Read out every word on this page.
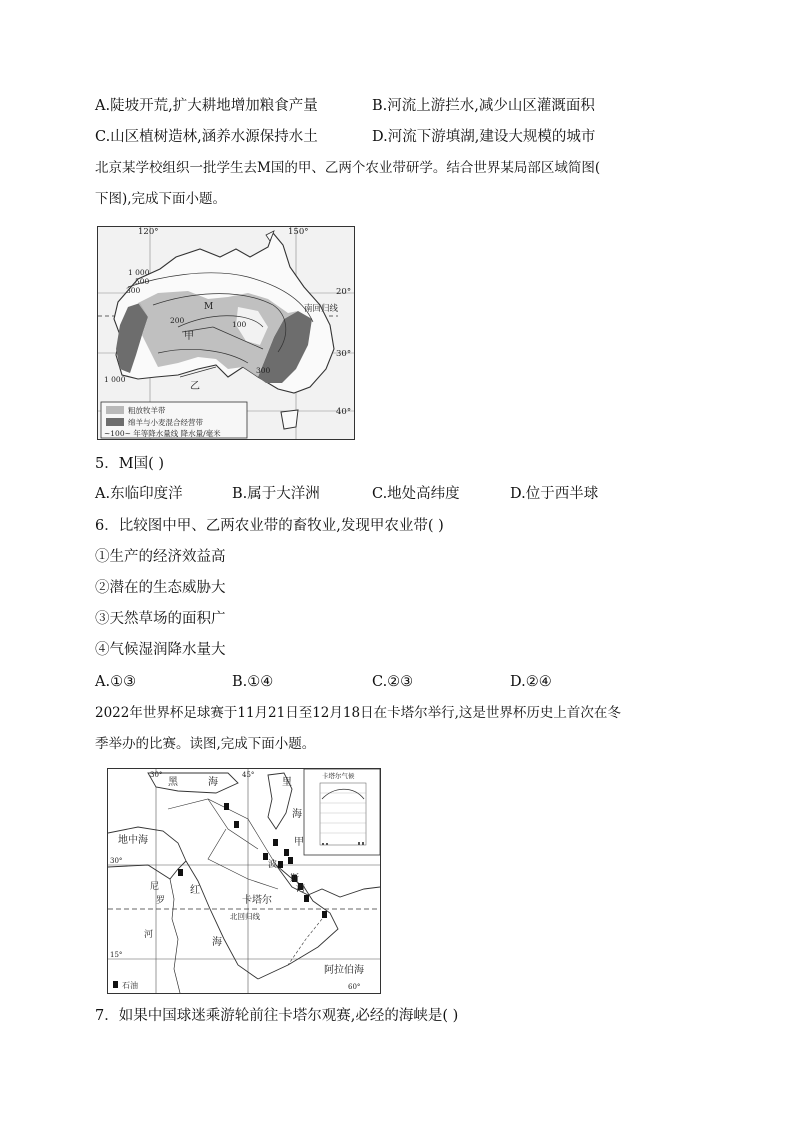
A.陡坡开荒,扩大耕地增加粮食产量	B.河流上游拦水,减少山区灌溉面积
C.山区植树造林,涵养水源保持水土	D.河流下游填湖,建设大规模的城市
北京某学校组织一批学生去M国的甲、乙两个农业带研学。结合世界某局部区域简图(
下图),完成下面小题。
120°	150°
20°
30°
40°
南回归线
1 000
500
300
200	100
300
1 000
M
甲
乙
粗放牧羊带
绵羊与小麦混合经营带
~100~ 年等降水量线 降水量/毫米
5．M国( )
A.东临印度洋	B.属于大洋洲	C.地处高纬度	D.位于西半球
6．比较图中甲、乙两农业带的畜牧业,发现甲农业带( )
①生产的经济效益高
②潜在的生态威胁大
③天然草场的面积广
④气候湿润降水量大
A.①③	B.①④	C.②③	D.②④
2022年世界杯足球赛于11月21日至12月18日在卡塔尔举行,这是世界杯历史上首次在冬
季举办的比赛。读图,完成下面小题。
30°	45°
60°
30°
15°
黑	海	里
海
地中海	甲
波
斯
湾
卡塔尔
北回归线
尼
罗
河
红
海
阿拉伯海
石油
卡塔尔气候
7．如果中国球迷乘游轮前往卡塔尔观赛,必经的海峡是( )
